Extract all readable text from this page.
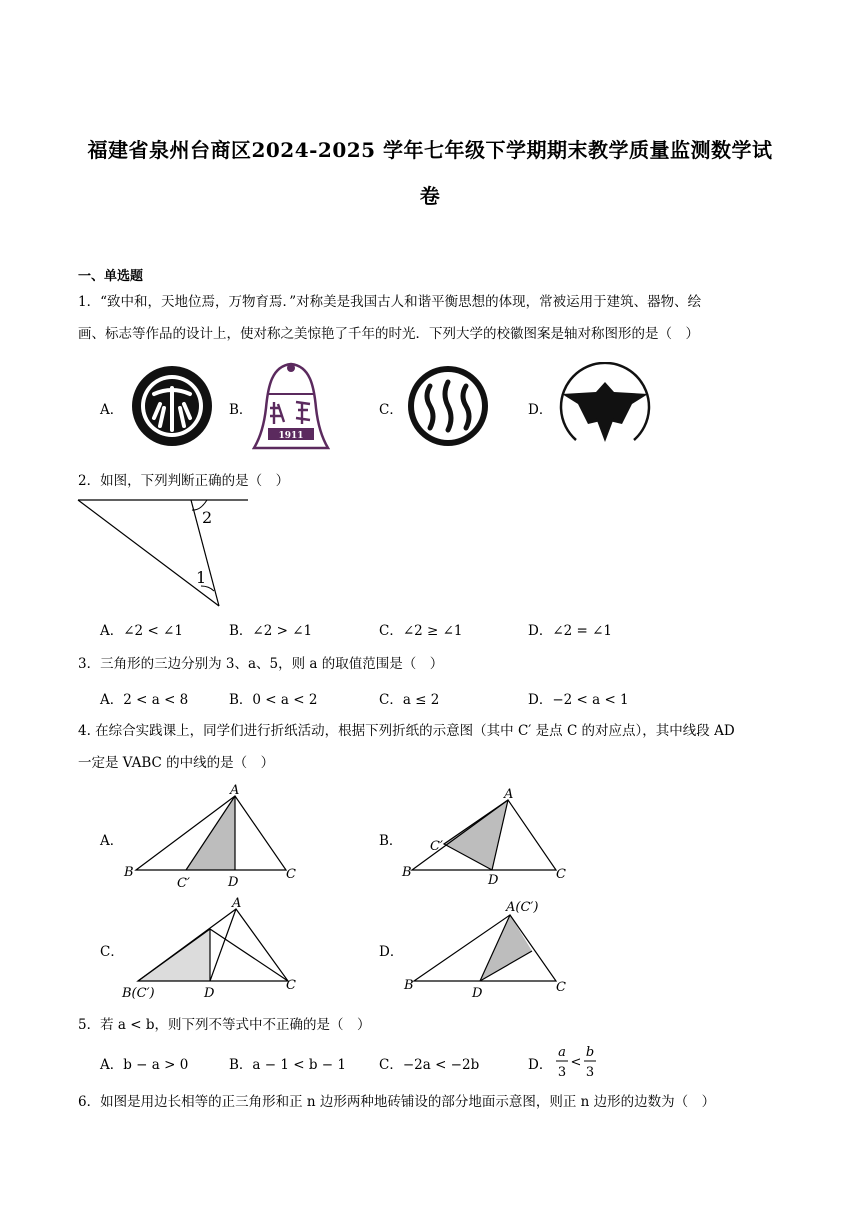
福建省泉州台商区2024-2025 学年七年级下学期期末教学质量监测数学试
卷
一、单选题
1．“致中和，天地位焉，万物育焉．”对称美是我国古人和谐平衡思想的体现，常被运用于建筑、器物、绘
画、标志等作品的设计上，使对称之美惊艳了千年的时光．下列大学的校徽图案是轴对称图形的是（　）
A．	B．
1911
C．	D．
2．如图，下列判断正确的是（　）
2
1
A．∠2 < ∠1	B．∠2 > ∠1	C．∠2 ≥ ∠1	D．∠2 = ∠1
3．三角形的三边分别为 3、a、5，则 a 的取值范围是（　）
A．2 < a < 8	B．0 < a < 2	C．a ≤ 2	D．−2 < a < 1
4. 在综合实践课上，同学们进行折纸活动，根据下列折纸的示意图（其中 C′ 是点 C 的对应点），其中线段 AD
一定是 VABC 的中线的是（　）
A．
A
B	C
D
C′
B．
A
B	C
D
C′
C．
A
B(C′)
C
D
D．
A(C′)
B	C
D
5．若 a < b，则下列不等式中不正确的是（　）
A．b − a > 0	B．a − 1 < b − 1 C．−2a < −2b	D．
a
3
<
b
3
6．如图是用边长相等的正三角形和正 n 边形两种地砖铺设的部分地面示意图，则正 n 边形的边数为（　）
